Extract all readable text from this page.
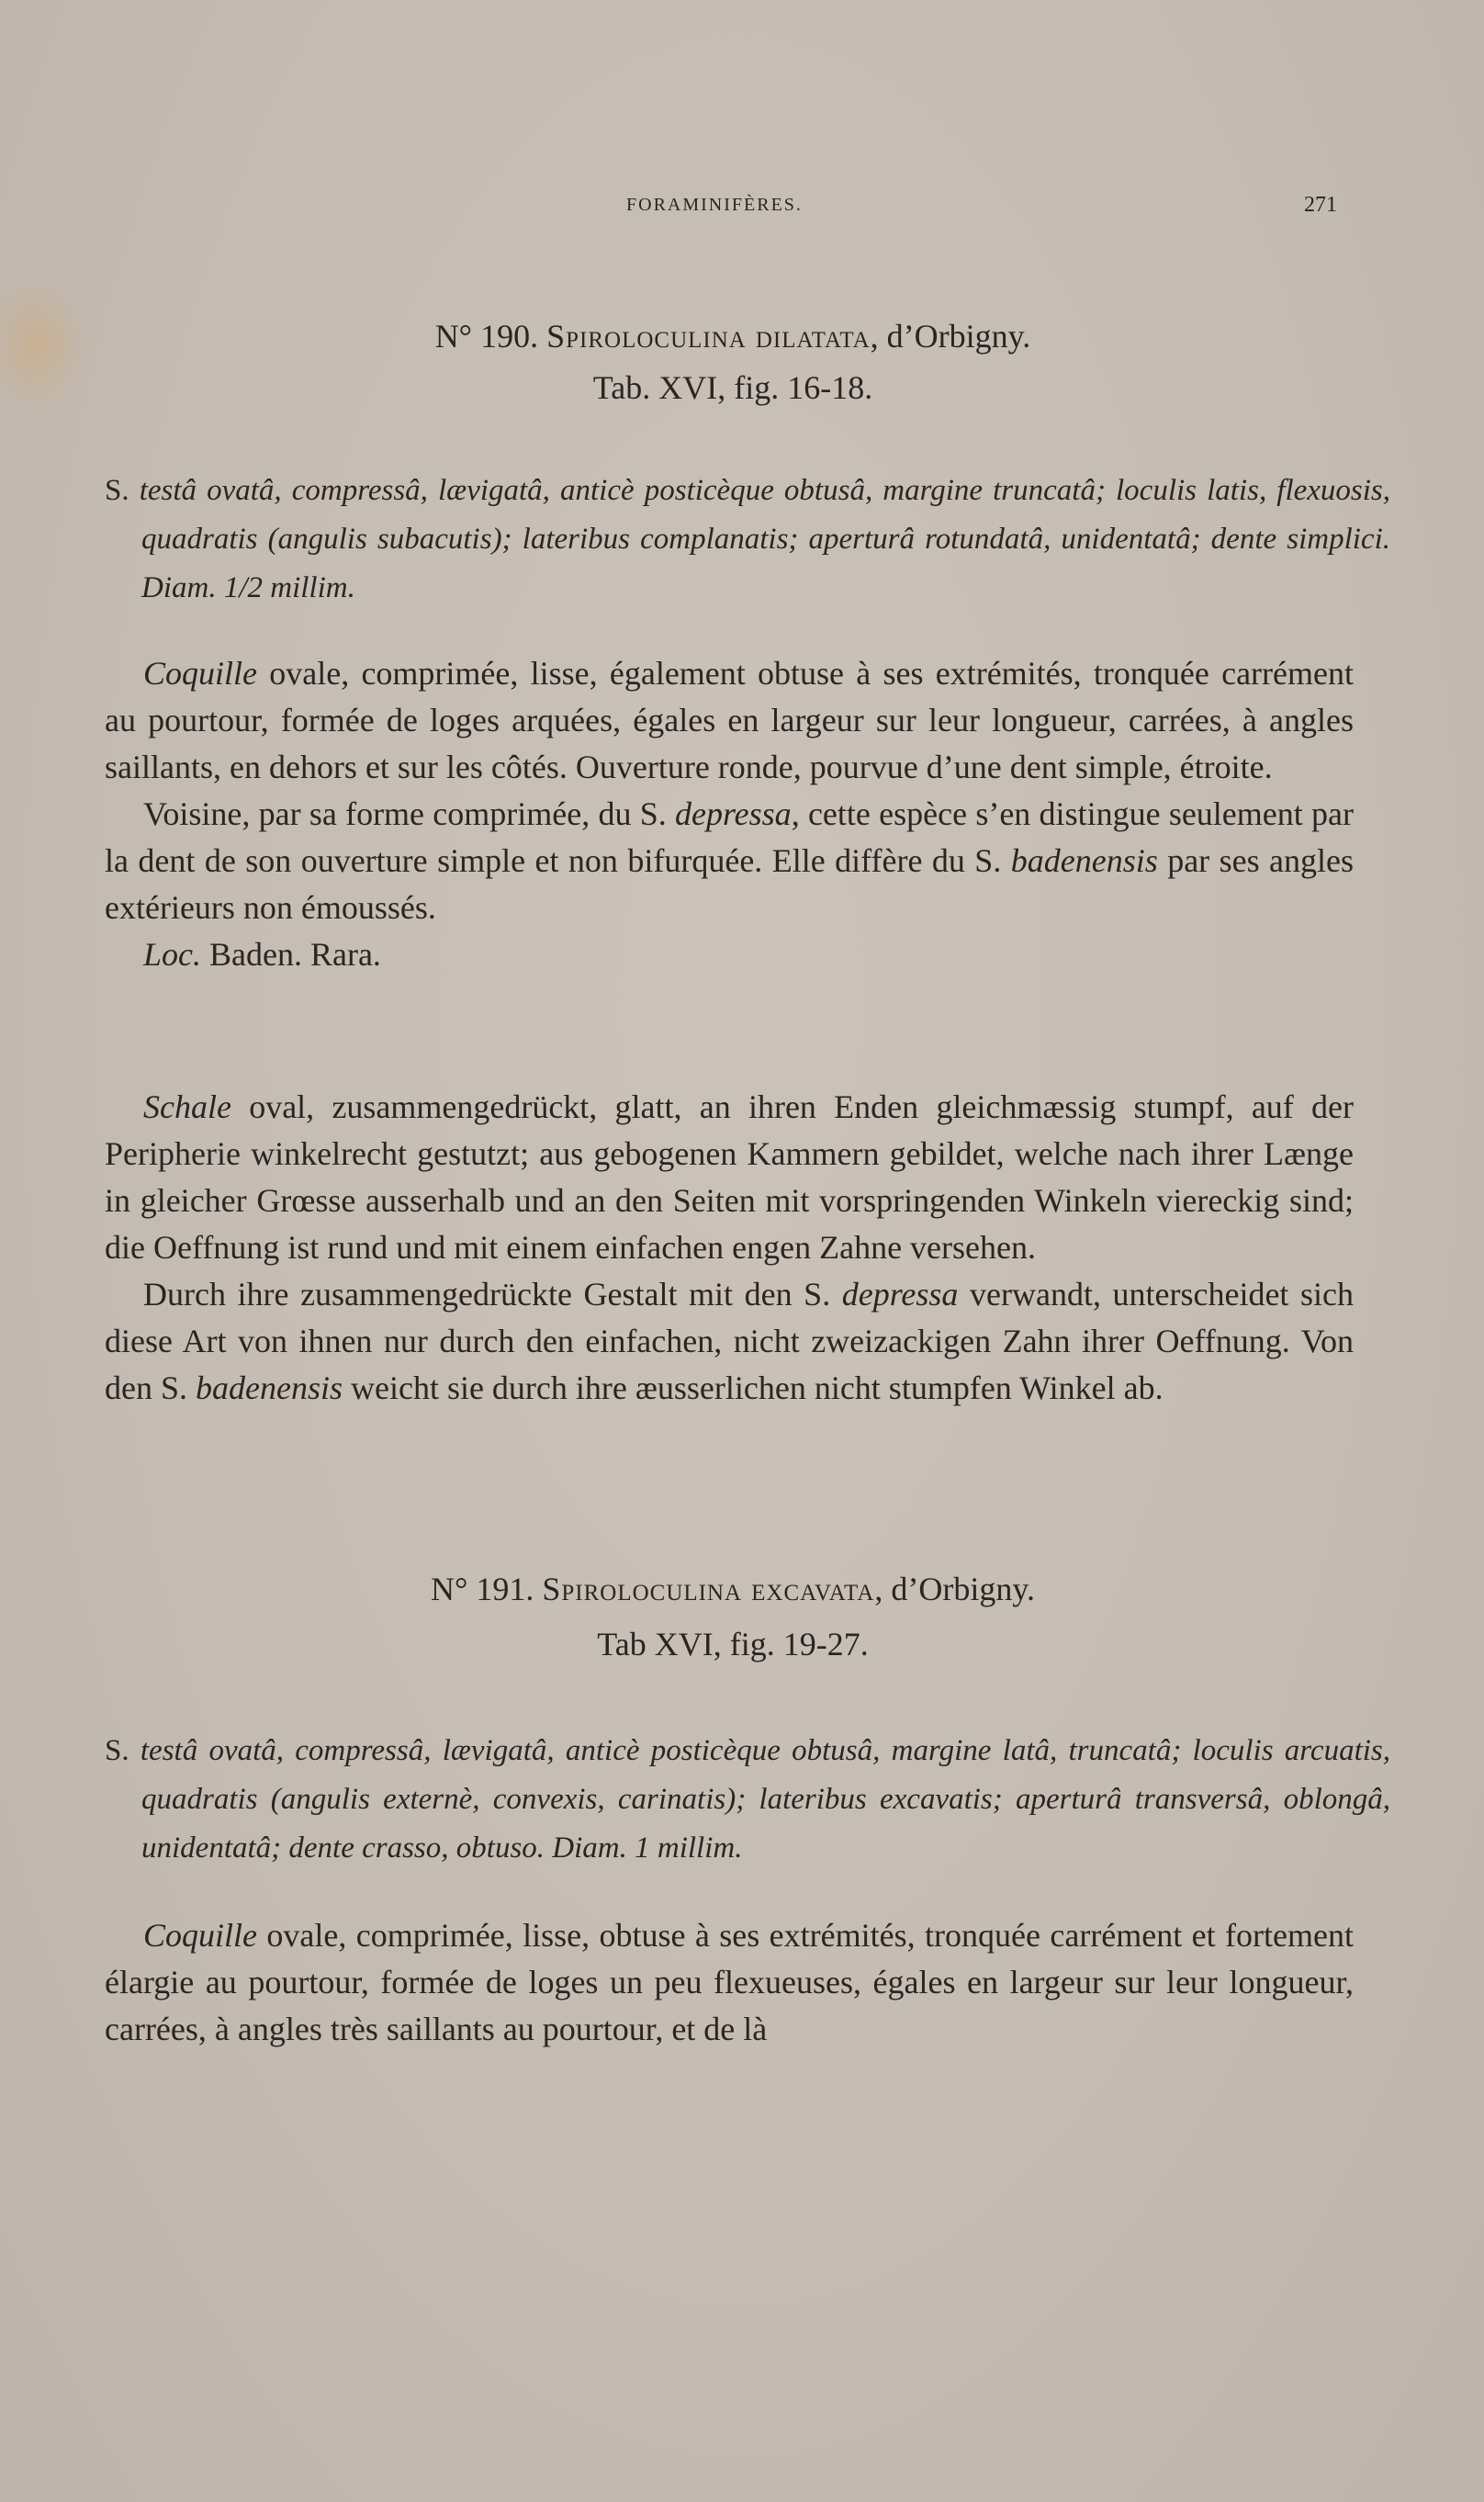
FORAMINIFÈRES.	271
N° 190. Spiroloculina dilatata, d’Orbigny.
Tab. XVI, fig. 16-18.
S. testâ ovatâ, compressâ, lævigatâ, anticè posticèque obtusâ, margine truncatâ; loculis latis, flexuosis, quadratis (angulis subacutis); lateribus complanatis; aperturâ rotundatâ, unidentatâ; dente simplici. Diam. 1/2 millim.

Coquille ovale, comprimée, lisse, également obtuse à ses extrémités, tronquée carrément au pourtour, formée de loges arquées, égales en largeur sur leur longueur, carrées, à angles saillants, en dehors et sur les côtés. Ouverture ronde, pourvue d’une dent simple, étroite.

Voisine, par sa forme comprimée, du S. depressa, cette espèce s’en distingue seulement par la dent de son ouverture simple et non bifurquée. Elle diffère du S. badenensis par ses angles extérieurs non émoussés.

Loc. Baden. Rara.

Schale oval, zusammengedrückt, glatt, an ihren Enden gleichmæssig stumpf, auf der Peripherie winkelrecht gestutzt; aus gebogenen Kammern gebildet, welche nach ihrer Længe in gleicher Grœsse ausserhalb und an den Seiten mit vorspringenden Winkeln viereckig sind; die Oeffnung ist rund und mit einem einfachen engen Zahne versehen.

Durch ihre zusammengedrückte Gestalt mit den S. depressa verwandt, unterscheidet sich diese Art von ihnen nur durch den einfachen, nicht zweizackigen Zahn ihrer Oeffnung. Von den S. badenensis weicht sie durch ihre æusserlichen nicht stumpfen Winkel ab.

N° 191. Spiroloculina excavata, d’Orbigny.
Tab XVI, fig. 19-27.
S. testâ ovatâ, compressâ, lævigatâ, anticè posticèque obtusâ, margine latâ, truncatâ; loculis arcuatis, quadratis (angulis externè, convexis, carinatis); lateribus excavatis; aperturâ transversâ, oblongâ, unidentatâ; dente crasso, obtuso. Diam. 1 millim.

Coquille ovale, comprimée, lisse, obtuse à ses extrémités, tronquée carrément et fortement élargie au pourtour, formée de loges un peu flexueuses, égales en largeur sur leur longueur, carrées, à angles très saillants au pourtour, et de là
